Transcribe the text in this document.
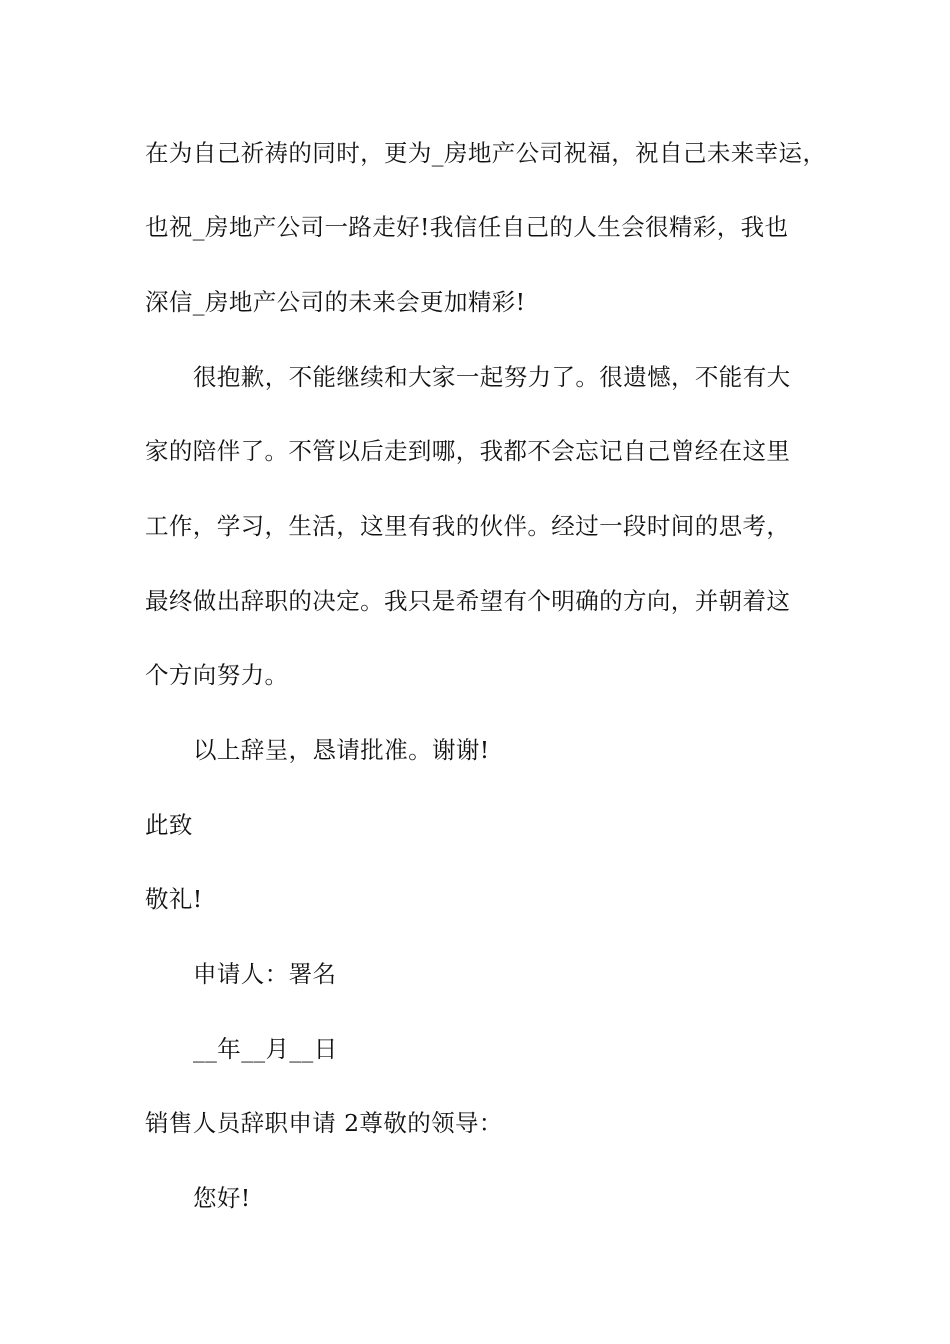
在为自己祈祷的同时，更为_房地产公司祝福，祝自己未来幸运，
也祝_房地产公司一路走好!我信任自己的人生会很精彩，我也
深信_房地产公司的未来会更加精彩!
很抱歉，不能继续和大家一起努力了。很遗憾，不能有大
家的陪伴了。不管以后走到哪，我都不会忘记自己曾经在这里
工作，学习，生活，这里有我的伙伴。经过一段时间的思考，
最终做出辞职的决定。我只是希望有个明确的方向，并朝着这
个方向努力。
以上辞呈，恳请批准。谢谢!
此致
敬礼!
申请人：署名
__年__月__日
销售人员辞职申请 2尊敬的领导：
您好!
